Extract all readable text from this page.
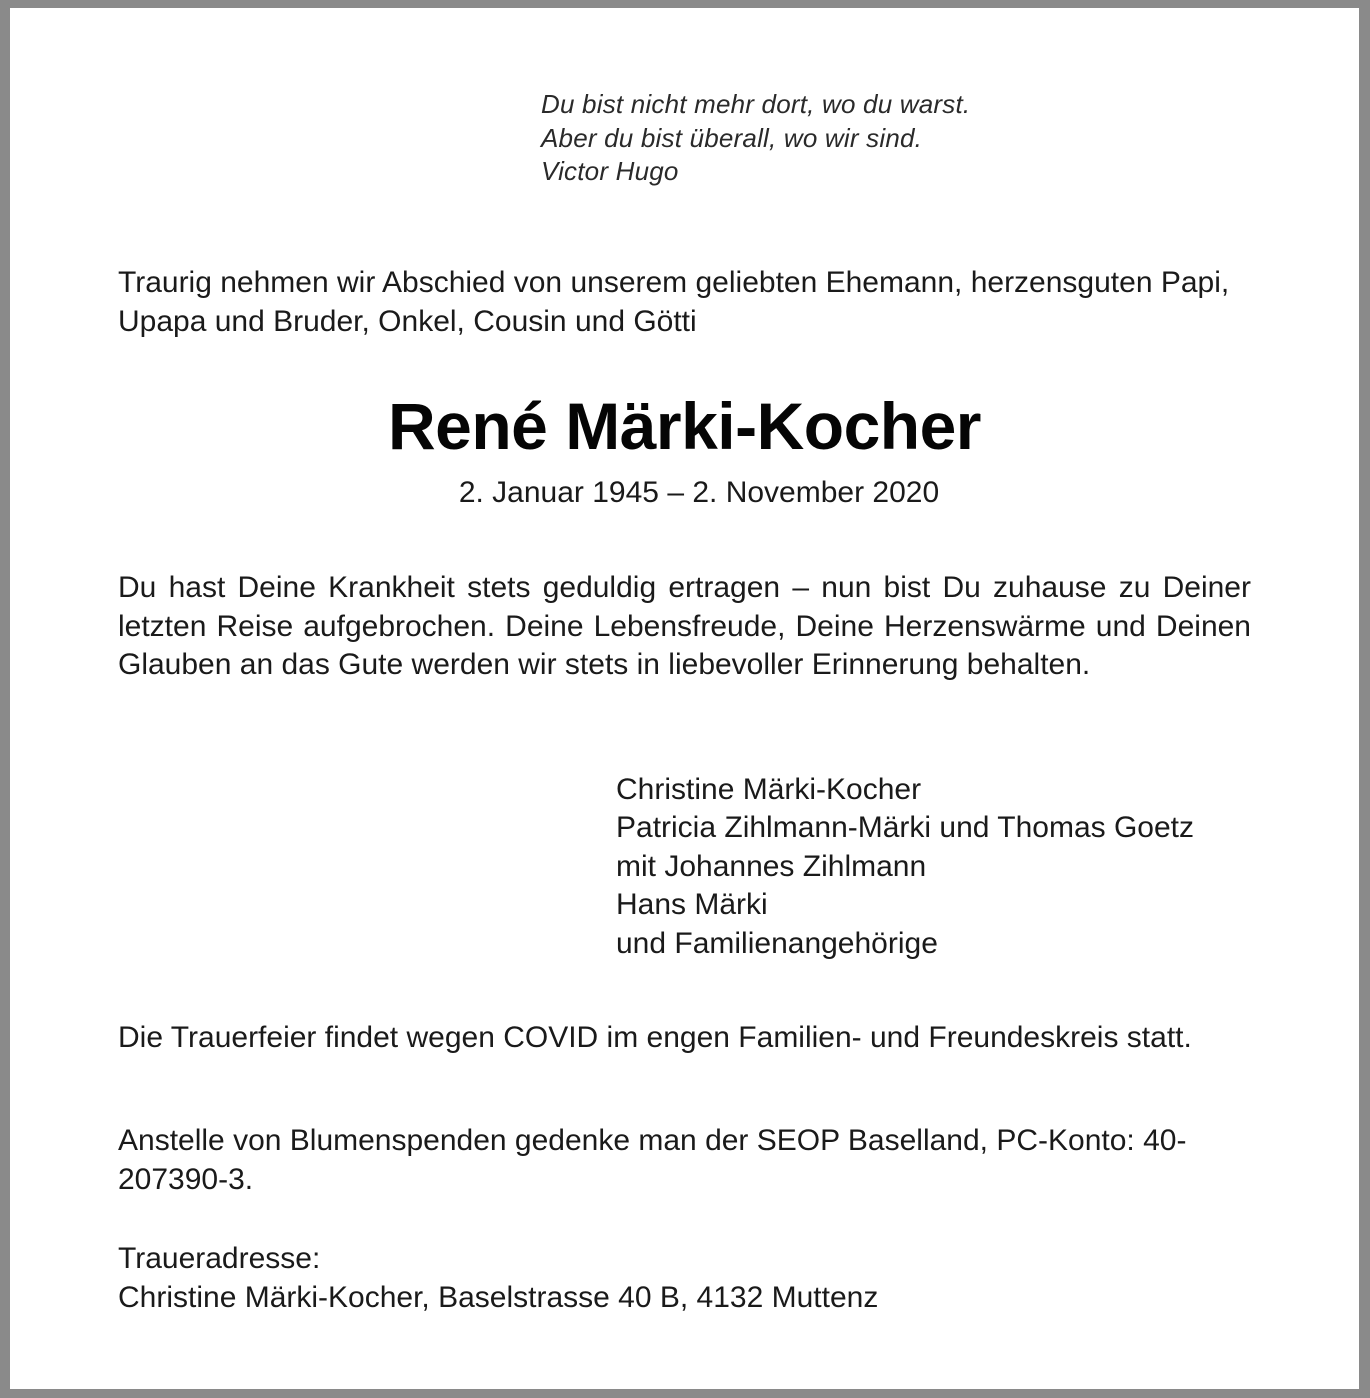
Du bist nicht mehr dort, wo du warst.
Aber du bist überall, wo wir sind.
Victor Hugo
Traurig nehmen wir Abschied von unserem geliebten Ehemann, herzensguten Papi, Upapa und Bruder, Onkel, Cousin und Götti
René Märki-Kocher
2. Januar 1945 – 2. November 2020
Du hast Deine Krankheit stets geduldig ertragen – nun bist Du zuhause zu Deiner letzten Reise aufgebrochen. Deine Lebensfreude, Deine Herzenswärme und Deinen Glauben an das Gute werden wir stets in liebevoller Erinnerung behalten.
Christine Märki-Kocher
Patricia Zihlmann-Märki und Thomas Goetz
mit Johannes Zihlmann
Hans Märki
und Familienangehörige
Die Trauerfeier findet wegen COVID im engen Familien- und Freundeskreis statt.
Anstelle von Blumenspenden gedenke man der SEOP Baselland, PC-Konto: 40-207390-3.
Traueradresse:
Christine Märki-Kocher, Baselstrasse 40 B, 4132 Muttenz
